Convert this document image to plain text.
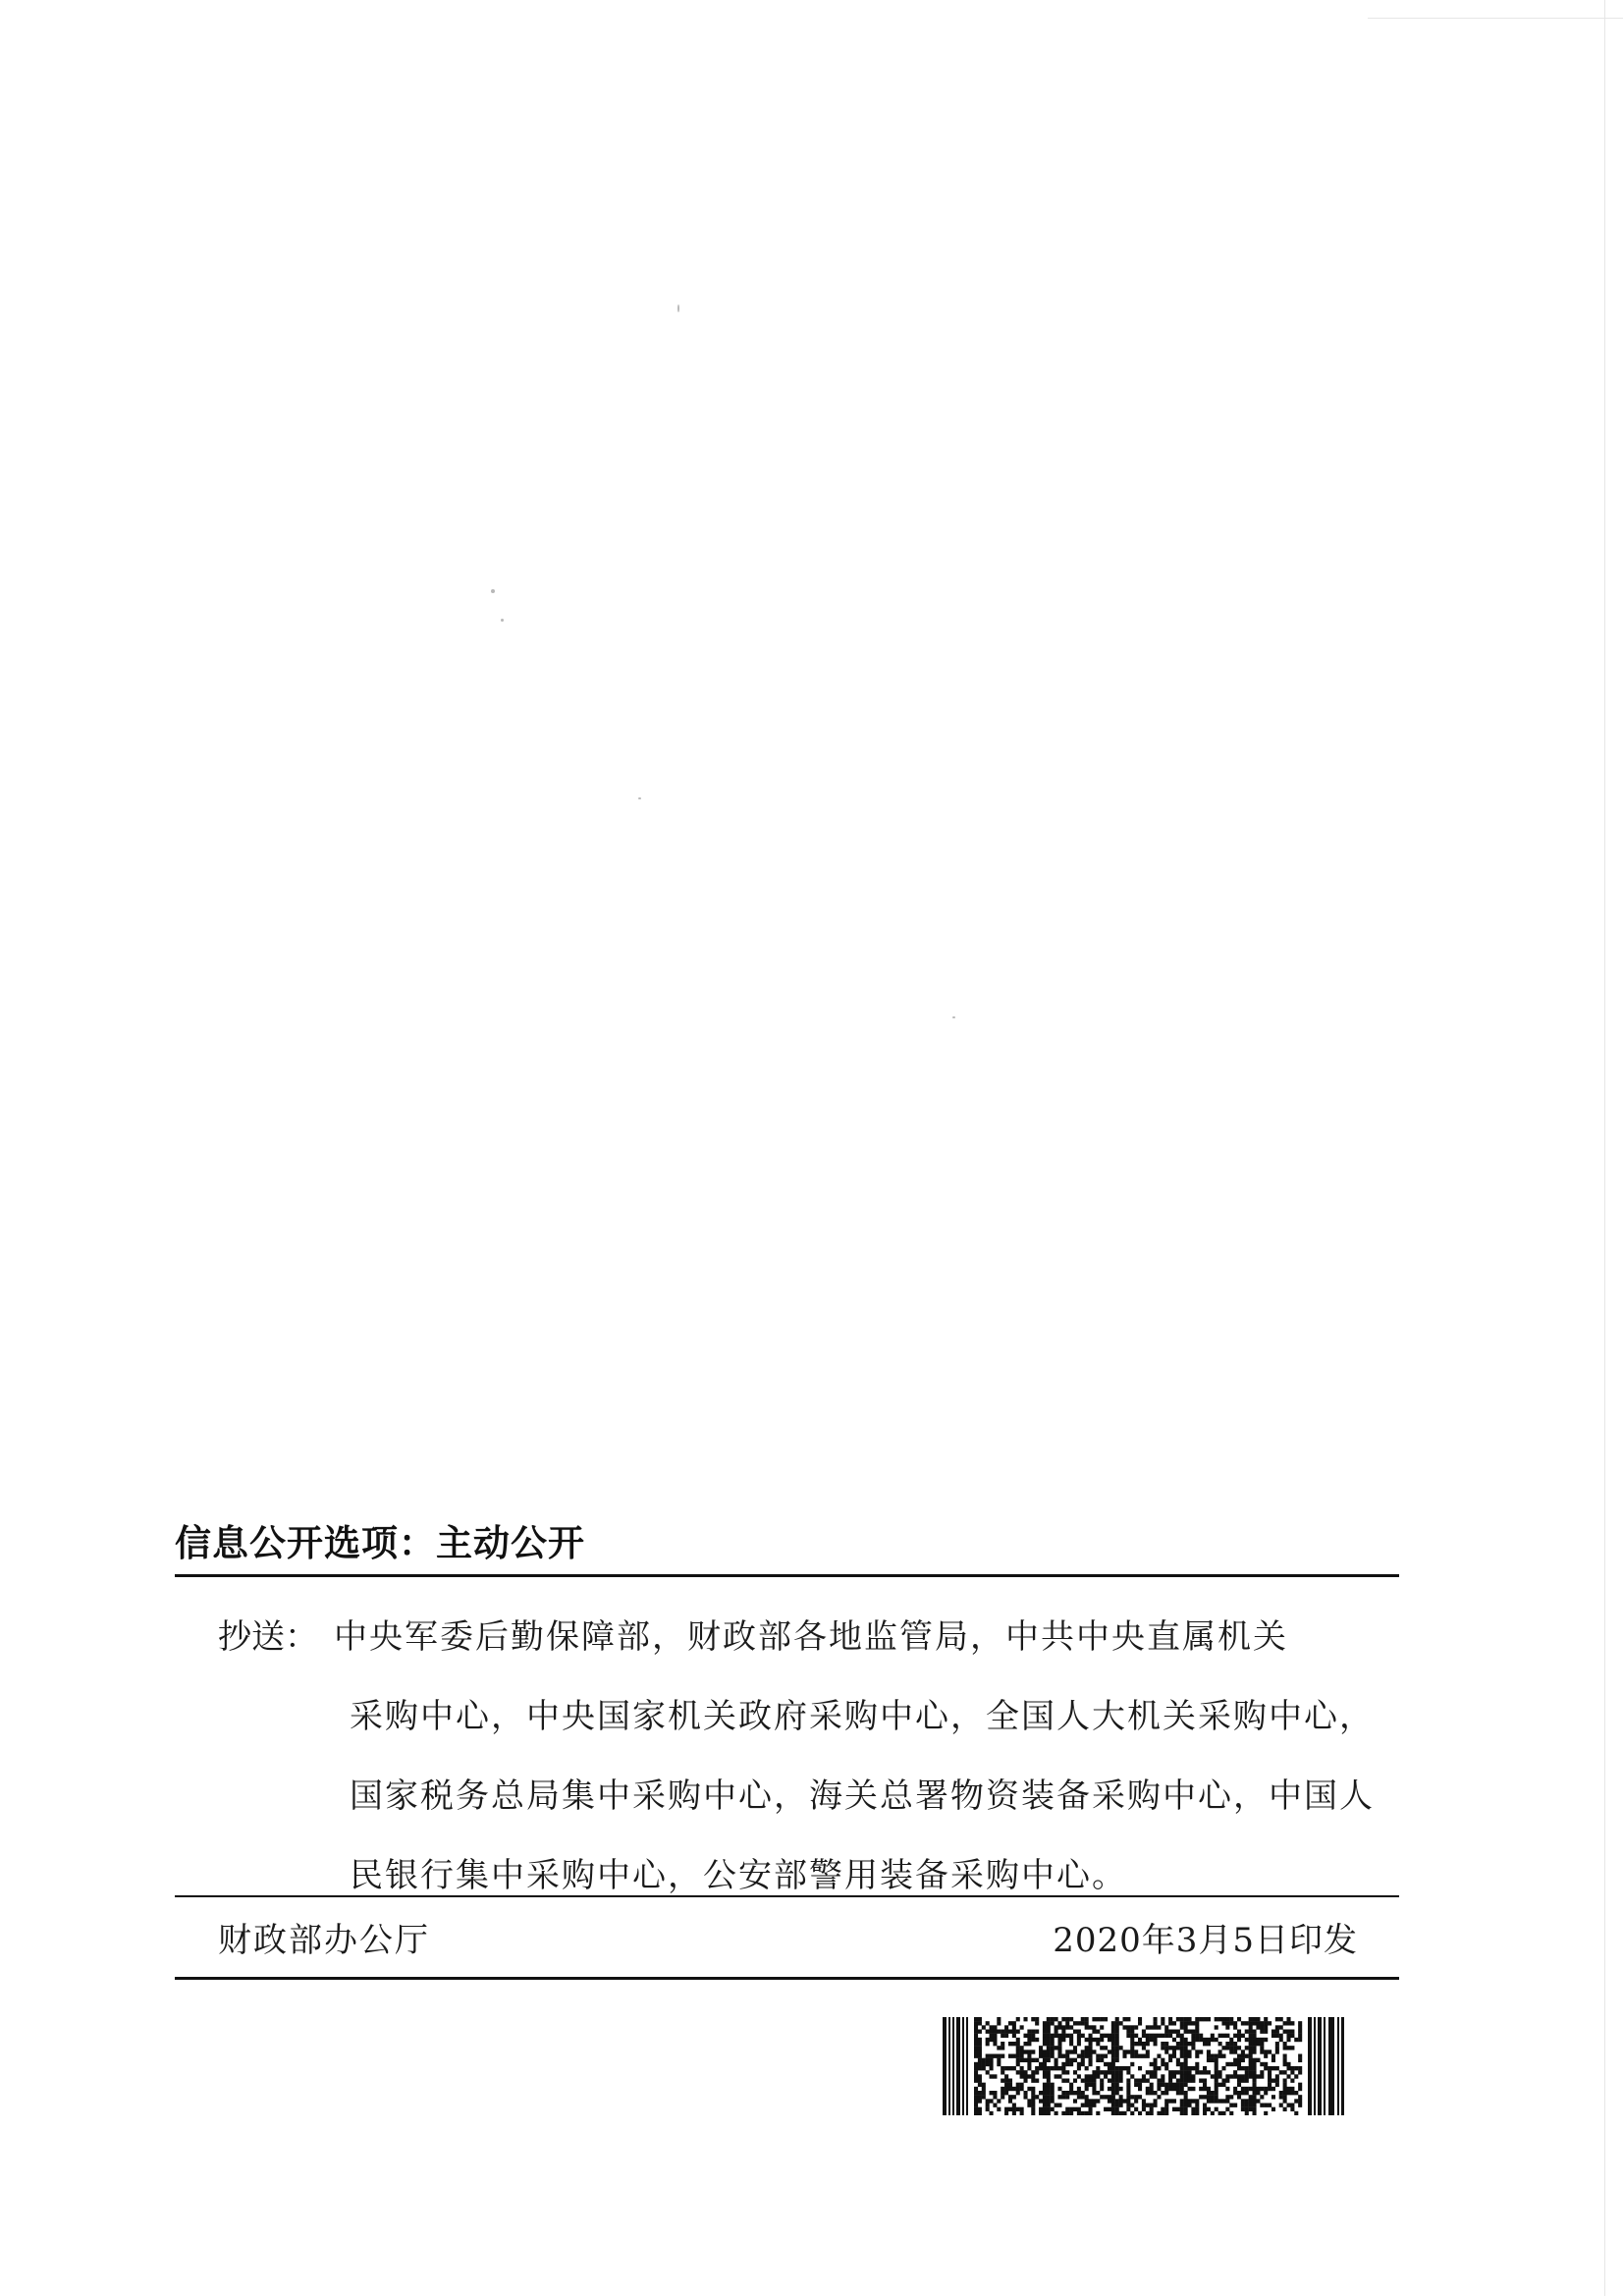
信息公开选项：主动公开
抄送： 中央军委后勤保障部，财政部各地监管局，中共中央直属机关
采购中心，中央国家机关政府采购中心，全国人大机关采购中心，国家税务总局集中采购中心，海关总署物资装备采购中心，中国人民银行集中采购中心，公安部警用装备采购中心。
财政部办公厅	2020年3月5日印发
